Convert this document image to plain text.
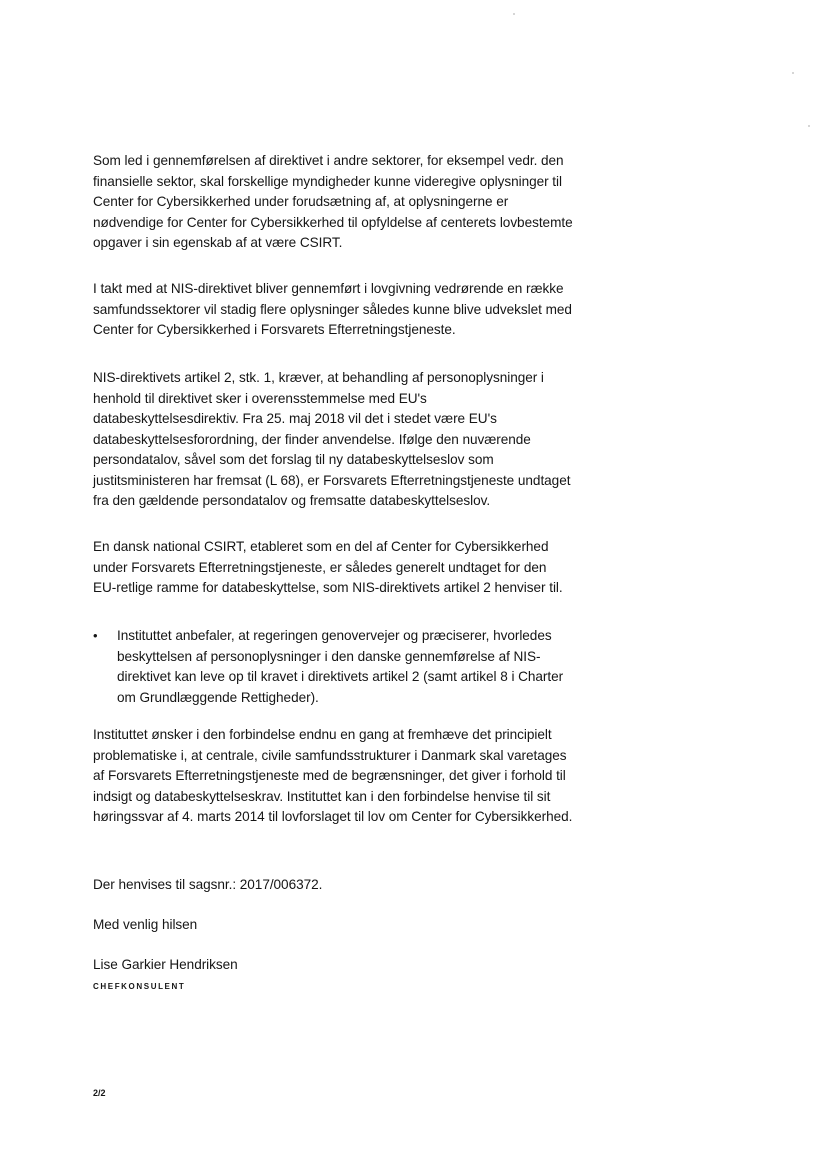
Som led i gennemførelsen af direktivet i andre sektorer, for eksempel vedr. den finansielle sektor, skal forskellige myndigheder kunne videregive oplysninger til Center for Cybersikkerhed under forudsætning af, at oplysningerne er nødvendige for Center for Cybersikkerhed til opfyldelse af centerets lovbestemte opgaver i sin egenskab af at være CSIRT.

I takt med at NIS-direktivet bliver gennemført i lovgivning vedrørende en række samfundssektorer vil stadig flere oplysninger således kunne blive udvekslet med Center for Cybersikkerhed i Forsvarets Efterretningstjeneste.

NIS-direktivets artikel 2, stk. 1, kræver, at behandling af personoplysninger i henhold til direktivet sker i overensstemmelse med EU's databeskyttelsesdirektiv. Fra 25. maj 2018 vil det i stedet være EU's databeskyttelsesforordning, der finder anvendelse. Ifølge den nuværende persondatalov, såvel som det forslag til ny databeskyttelseslov som justitsministeren har fremsat (L 68), er Forsvarets Efterretningstjeneste undtaget fra den gældende persondatalov og fremsatte databeskyttelseslov.

En dansk national CSIRT, etableret som en del af Center for Cybersikkerhed under Forsvarets Efterretningstjeneste, er således generelt undtaget for den EU-retlige ramme for databeskyttelse, som NIS-direktivets artikel 2 henviser til.

•	Instituttet anbefaler, at regeringen genovervejer og præciserer, hvorledes beskyttelsen af personoplysninger i den danske gennemførelse af NIS-direktivet kan leve op til kravet i direktivets artikel 2 (samt artikel 8 i Charter om Grundlæggende Rettigheder).

Instituttet ønsker i den forbindelse endnu en gang at fremhæve det principielt problematiske i, at centrale, civile samfundsstrukturer i Danmark skal varetages af Forsvarets Efterretningstjeneste med de begrænsninger, det giver i forhold til indsigt og databeskyttelseskrav. Instituttet kan i den forbindelse henvise til sit høringssvar af 4. marts 2014 til lovforslaget til lov om Center for Cybersikkerhed.

Der henvises til sagsnr.: 2017/006372.

Med venlig hilsen

Lise Garkier Hendriksen

CHEFKONSULENT
2/2
